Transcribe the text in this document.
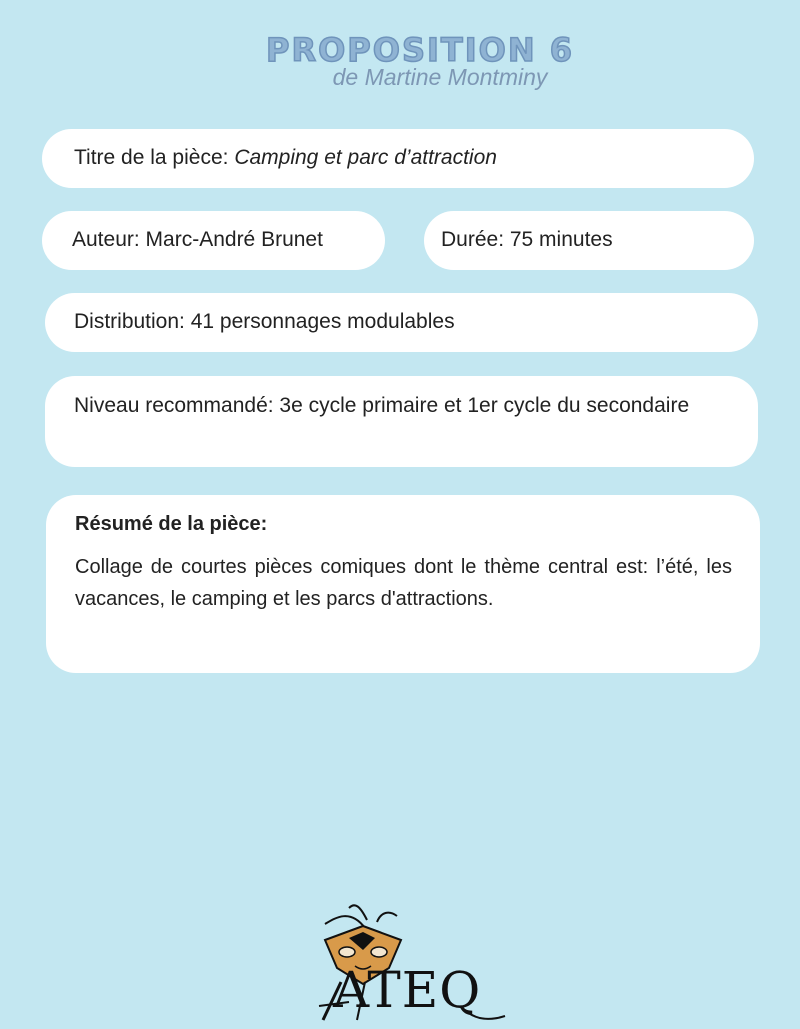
PROPOSITION 6
de Martine Montminy
Titre de la pièce: Camping et parc d’attraction
Auteur: Marc-André Brunet	Durée: 75 minutes
Distribution: 41 personnages modulables
Niveau recommandé: 3e cycle primaire et 1er cycle du secondaire
Résumé de la pièce:
Collage de courtes pièces comiques dont le thème central est: l’été, les vacances, le camping et les parcs d'attractions.
ATEQ
